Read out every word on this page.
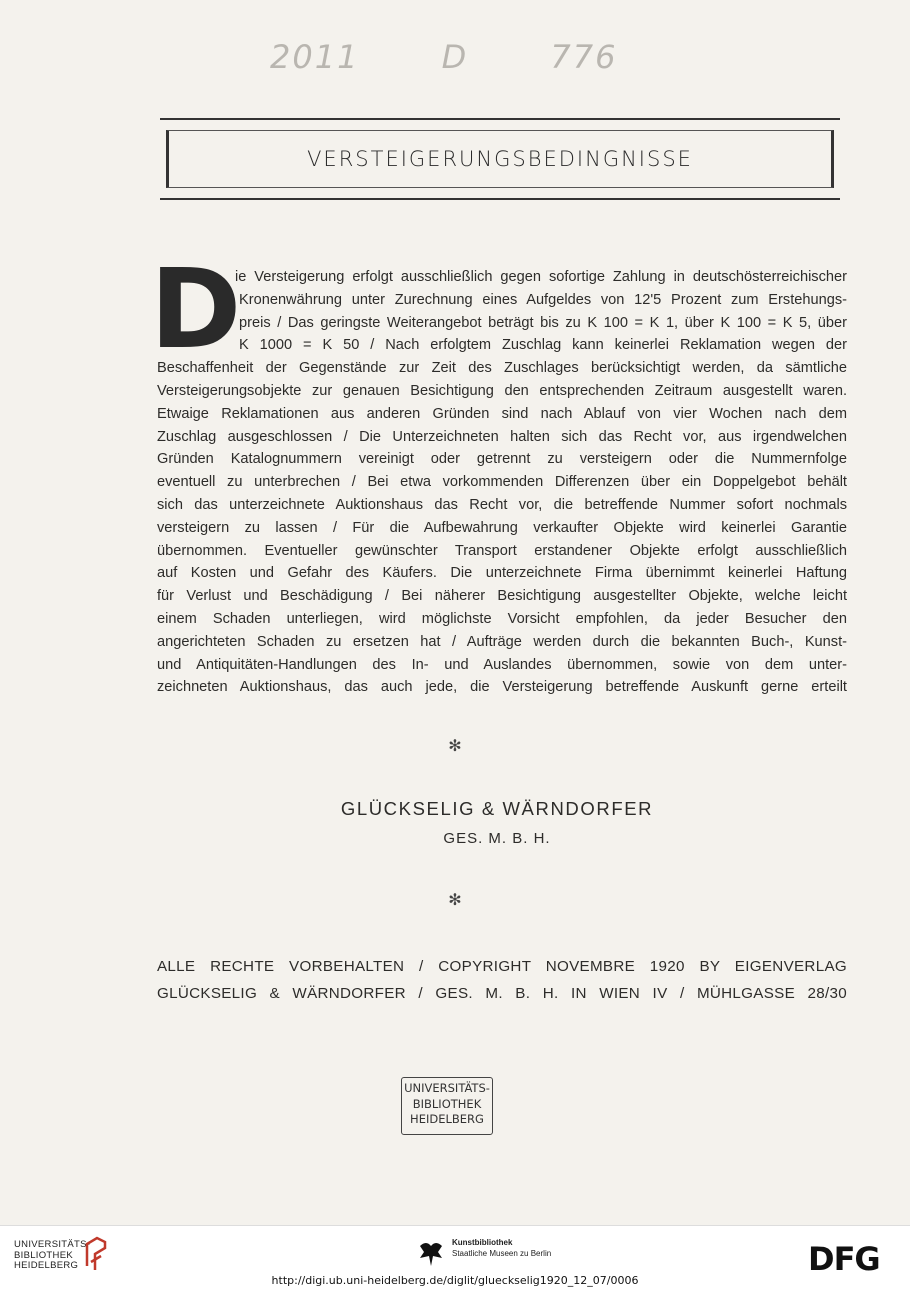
2011 D 776
VERSTEIGERUNGSBEDINGNISSE
D
ie Versteigerung erfolgt ausschließlich gegen sofortige Zahlung in deutschösterreichischer
Kronenwährung unter Zurechnung eines Aufgeldes von 12'5 Prozent zum Erstehungs-
preis / Das geringste Weiterangebot beträgt bis zu K 100 = K 1, über K 100 = K 5, über
K 1000 = K 50 / Nach erfolgtem Zuschlag kann keinerlei Reklamation wegen der
Beschaffenheit der Gegenstände zur Zeit des Zuschlages berücksichtigt werden, da sämtliche
Versteigerungsobjekte zur genauen Besichtigung den entsprechenden Zeitraum ausgestellt waren.
Etwaige Reklamationen aus anderen Gründen sind nach Ablauf von vier Wochen nach dem
Zuschlag ausgeschlossen / Die Unterzeichneten halten sich das Recht vor, aus irgendwelchen
Gründen Katalognummern vereinigt oder getrennt zu versteigern oder die Nummernfolge
eventuell zu unterbrechen / Bei etwa vorkommenden Differenzen über ein Doppelgebot behält
sich das unterzeichnete Auktionshaus das Recht vor, die betreffende Nummer sofort nochmals
versteigern zu lassen / Für die Aufbewahrung verkaufter Objekte wird keinerlei Garantie
übernommen. Eventueller gewünschter Transport erstandener Objekte erfolgt ausschließlich
auf Kosten und Gefahr des Käufers. Die unterzeichnete Firma übernimmt keinerlei Haftung
für Verlust und Beschädigung / Bei näherer Besichtigung ausgestellter Objekte, welche leicht
einem Schaden unterliegen, wird möglichste Vorsicht empfohlen, da jeder Besucher den
angerichteten Schaden zu ersetzen hat / Aufträge werden durch die bekannten Buch-, Kunst-
und Antiquitäten-Handlungen des In- und Auslandes übernommen, sowie von dem unter-
zeichneten Auktionshaus, das auch jede, die Versteigerung betreffende Auskunft gerne erteilt
✻
GLÜCKSELIG & WÄRNDORFER
GES. M. B. H.
✻
ALLE RECHTE VORBEHALTEN / COPYRIGHT NOVEMBRE 1920 BY EIGENVERLAG
GLÜCKSELIG & WÄRNDORFER / GES. M. B. H. IN WIEN IV / MÜHLGASSE 28/30
UNIVERSITÄTS-
BIBLIOTHEK
HEIDELBERG
UNIVERSITÄTS-
BIBLIOTHEK
HEIDELBERG
Kunstbibliothek
Staatliche Museen zu Berlin	DFG
http://digi.ub.uni-heidelberg.de/diglit/glueckselig1920_12_07/0006
